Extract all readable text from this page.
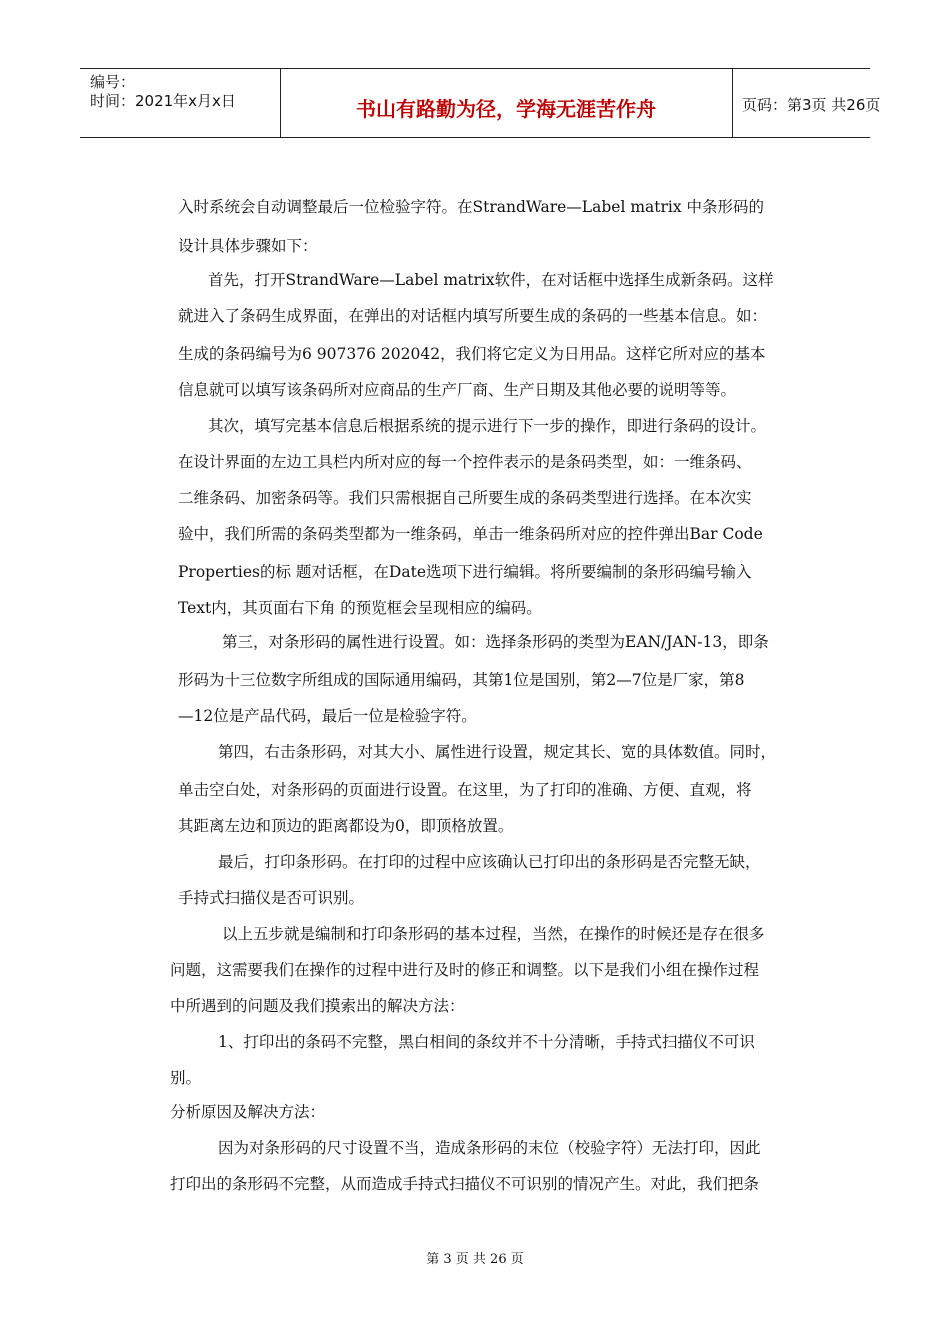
编号：
时间：2021年x月x日	书山有路勤为径，学海无涯苦作舟	页码：第3页 共26页
入时系统会自动调整最后一位检验字符。在StrandWare—Label matrix 中条形码的
设计具体步骤如下：
首先，打开StrandWare—Label matrix软件，在对话框中选择生成新条码。这样
就进入了条码生成界面，在弹出的对话框内填写所要生成的条码的一些基本信息。如：
生成的条码编号为6 907376 202042，我们将它定义为日用品。这样它所对应的基本
信息就可以填写该条码所对应商品的生产厂商、生产日期及其他必要的说明等等。
其次，填写完基本信息后根据系统的提示进行下一步的操作，即进行条码的设计。
在设计界面的左边工具栏内所对应的每一个控件表示的是条码类型，如：一维条码、
二维条码、加密条码等。我们只需根据自己所要生成的条码类型进行选择。在本次实
验中，我们所需的条码类型都为一维条码，单击一维条码所对应的控件弹出Bar Code
Properties的标 题对话框，在Date选项下进行编辑。将所要编制的条形码编号输入
Text内，其页面右下角 的预览框会呈现相应的编码。
第三，对条形码的属性进行设置。如：选择条形码的类型为EAN/JAN-13，即条
形码为十三位数字所组成的国际通用编码，其第1位是国别，第2—7位是厂家，第8
—12位是产品代码，最后一位是检验字符。
第四，右击条形码，对其大小、属性进行设置，规定其长、宽的具体数值。同时，
单击空白处，对条形码的页面进行设置。在这里，为了打印的准确、方便、直观，将
其距离左边和顶边的距离都设为0，即顶格放置。
最后，打印条形码。在打印的过程中应该确认已打印出的条形码是否完整无缺，
手持式扫描仪是否可识别。
以上五步就是编制和打印条形码的基本过程，当然，在操作的时候还是存在很多
问题，这需要我们在操作的过程中进行及时的修正和调整。以下是我们小组在操作过程
中所遇到的问题及我们摸索出的解决方法：
1、打印出的条码不完整，黑白相间的条纹并不十分清晰，手持式扫描仪不可识
别。
分析原因及解决方法：
因为对条形码的尺寸设置不当，造成条形码的末位（校验字符）无法打印，因此
打印出的条形码不完整，从而造成手持式扫描仪不可识别的情况产生。对此，我们把条
第 3 页 共 26 页
